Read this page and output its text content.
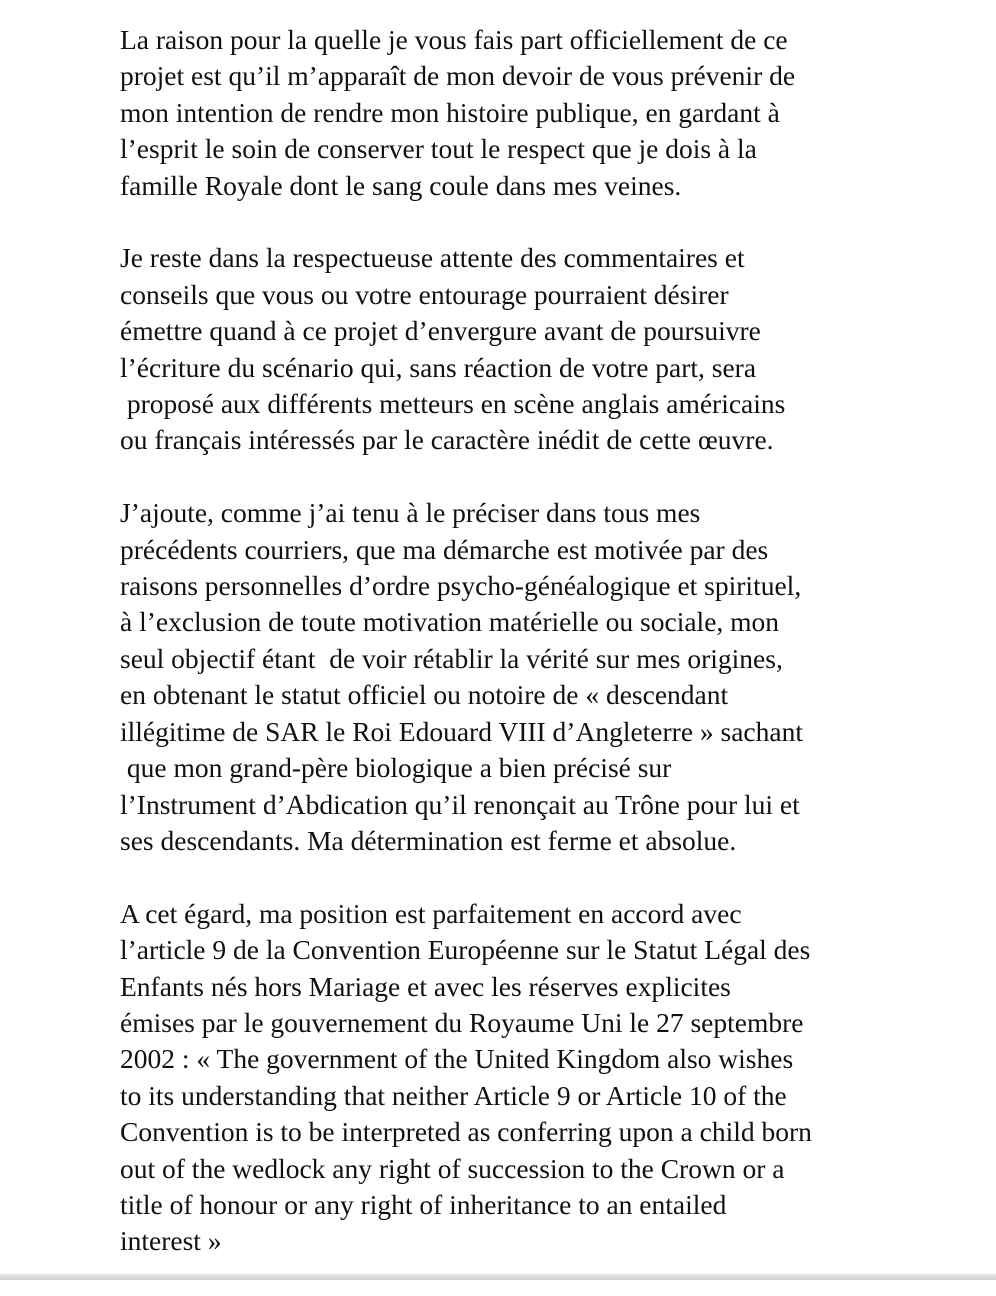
La raison pour la quelle je vous fais part officiellement de ce
projet est qu’il m’apparaît de mon devoir de vous prévenir de
mon intention de rendre mon histoire publique, en gardant à
l’esprit le soin de conserver tout le respect que je dois à la
famille Royale dont le sang coule dans mes veines.

Je reste dans la respectueuse attente des commentaires et
conseils que vous ou votre entourage pourraient désirer
émettre quand à ce projet d’envergure avant de poursuivre
l’écriture du scénario qui, sans réaction de votre part, sera
proposé aux différents metteurs en scène anglais américains
ou français intéressés par le caractère inédit de cette œuvre.

J’ajoute, comme j’ai tenu à le préciser dans tous mes
précédents courriers, que ma démarche est motivée par des
raisons personnelles d’ordre psycho-généalogique et spirituel,
à l’exclusion de toute motivation matérielle ou sociale, mon
seul objectif étant  de voir rétablir la vérité sur mes origines,
en obtenant le statut officiel ou notoire de « descendant
illégitime de SAR le Roi Edouard VIII d’Angleterre » sachant
que mon grand-père biologique a bien précisé sur
l’Instrument d’Abdication qu’il renonçait au Trône pour lui et
ses descendants. Ma détermination est ferme et absolue.

A cet égard, ma position est parfaitement en accord avec
l’article 9 de la Convention Européenne sur le Statut Légal des
Enfants nés hors Mariage et avec les réserves explicites
émises par le gouvernement du Royaume Uni le 27 septembre
2002 : « The government of the United Kingdom also wishes
to its understanding that neither Article 9 or Article 10 of the
Convention is to be interpreted as conferring upon a child born
out of the wedlock any right of succession to the Crown or a
title of honour or any right of inheritance to an entailed
interest »
